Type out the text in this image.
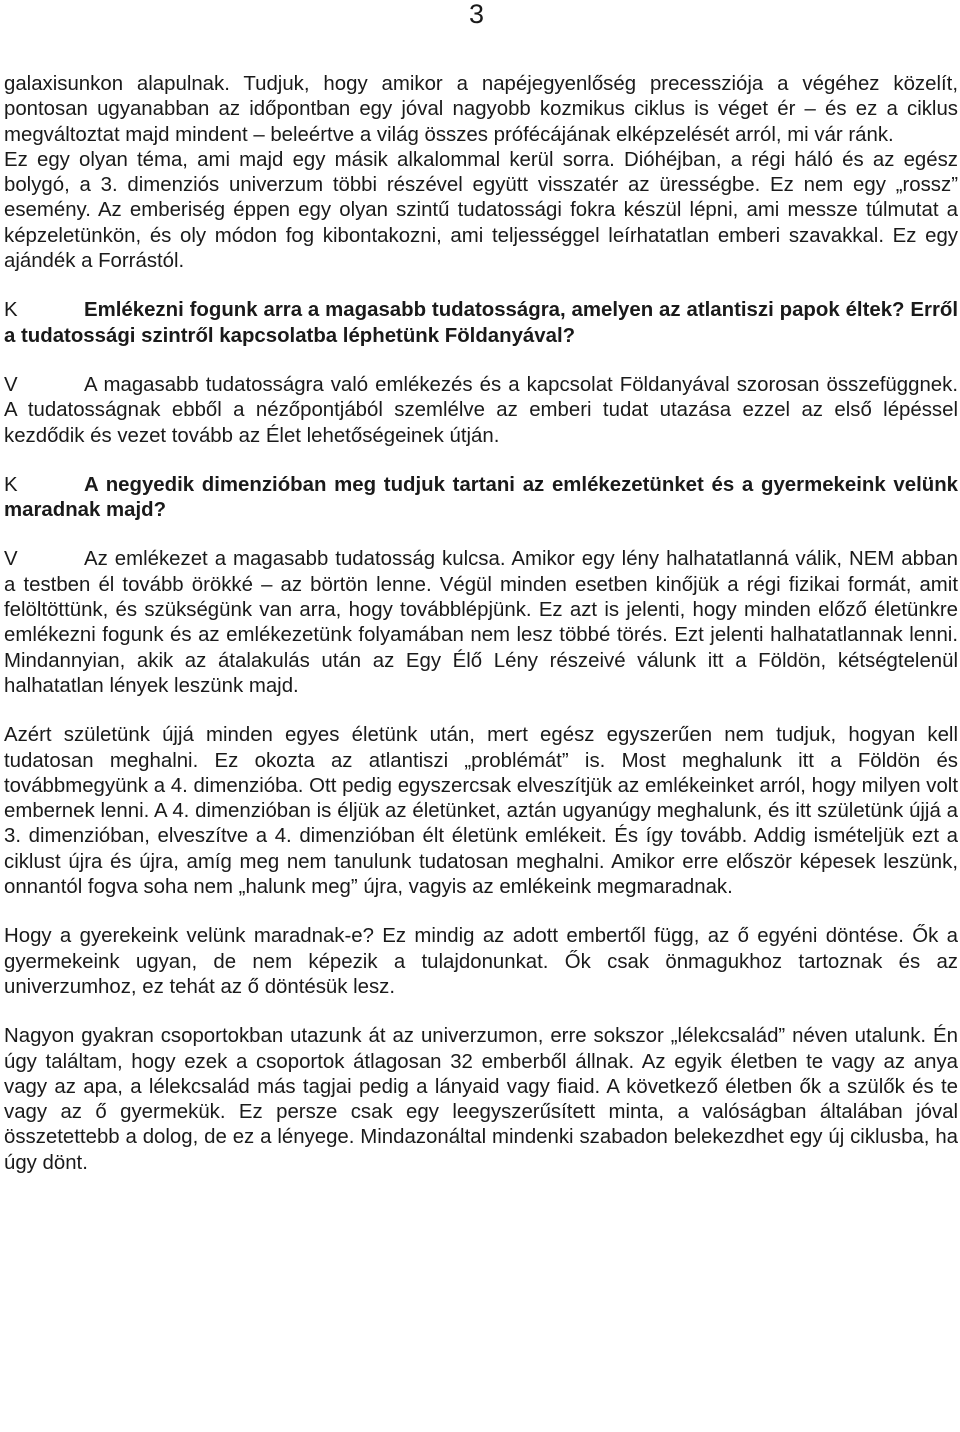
3

galaxisunkon alapulnak. Tudjuk, hogy amikor a napéjegyenlőség precessziója a végéhez közelít, pontosan ugyanabban az időpontban egy jóval nagyobb kozmikus ciklus is véget ér – és ez a ciklus megváltoztat majd mindent – beleértve a világ összes prófécájának elképzelését arról, mi vár ránk.

Ez egy olyan téma, ami majd egy másik alkalommal kerül sorra. Dióhéjban, a régi háló és az egész bolygó, a 3. dimenziós univerzum többi részével együtt visszatér az ürességbe. Ez nem egy „rossz” esemény. Az emberiség éppen egy olyan szintű tudatossági fokra készül lépni, ami messze túlmutat a képzeletünkön, és oly módon fog kibontakozni, ami teljességgel leírhatatlan emberi szavakkal. Ez egy ajándék a Forrástól.

K	Emlékezni fogunk arra a magasabb tudatosságra, amelyen az atlantiszi papok éltek? Erről a tudatossági szintről kapcsolatba léphetünk Földanyával?

V	A magasabb tudatosságra való emlékezés és a kapcsolat Földanyával szorosan összefüggnek. A tudatosságnak ebből a nézőpontjából szemlélve az emberi tudat utazása ezzel az első lépéssel kezdődik és vezet tovább az Élet lehetőségeinek útján.

K	A negyedik dimenzióban meg tudjuk tartani az emlékezetünket és a gyermekeink velünk maradnak majd?

V	Az emlékezet a magasabb tudatosság kulcsa. Amikor egy lény halhatatlanná válik, NEM abban a testben él tovább örökké – az börtön lenne. Végül minden esetben kinőjük a régi fizikai formát, amit felöltöttünk, és szükségünk van arra, hogy továbblépjünk. Ez azt is jelenti, hogy minden előző életünkre emlékezni fogunk és az emlékezetünk folyamában nem lesz többé törés. Ezt jelenti halhatatlannak lenni. Mindannyian, akik az átalakulás után az Egy Élő Lény részeivé válunk itt a Földön, kétségtelenül halhatatlan lények leszünk majd.

Azért születünk újjá minden egyes életünk után, mert egész egyszerűen nem tudjuk, hogyan kell tudatosan meghalni. Ez okozta az atlantiszi „problémát” is. Most meghalunk itt a Földön és továbbmegyünk a 4. dimenzióba. Ott pedig egyszercsak elveszítjük az emlékeinket arról, hogy milyen volt embernek lenni. A 4. dimenzióban is éljük az életünket, aztán ugyanúgy meghalunk, és itt születünk újjá a 3. dimenzióban, elveszítve a 4. dimenzióban élt életünk emlékeit. És így tovább. Addig ismételjük ezt a ciklust újra és újra, amíg meg nem tanulunk tudatosan meghalni. Amikor erre először képesek leszünk, onnantól fogva soha nem „halunk meg” újra, vagyis az emlékeink megmaradnak.

Hogy a gyerekeink velünk maradnak-e? Ez mindig az adott embertől függ, az ő egyéni döntése. Ők a gyermekeink ugyan, de nem képezik a tulajdonunkat. Ők csak önmagukhoz tartoznak és az univerzumhoz, ez tehát az ő döntésük lesz.

Nagyon gyakran csoportokban utazunk át az univerzumon, erre sokszor „lélekcsalád” néven utalunk. Én úgy találtam, hogy ezek a csoportok átlagosan 32 emberből állnak. Az egyik életben te vagy az anya vagy az apa, a lélekcsalád más tagjai pedig a lányaid vagy fiaid. A következő életben ők a szülők és te vagy az ő gyermekük. Ez persze csak egy leegyszerűsített minta, a valóságban általában jóval összetettebb a dolog, de ez a lényege. Mindazonáltal mindenki szabadon belekezdhet egy új ciklusba, ha úgy dönt.
